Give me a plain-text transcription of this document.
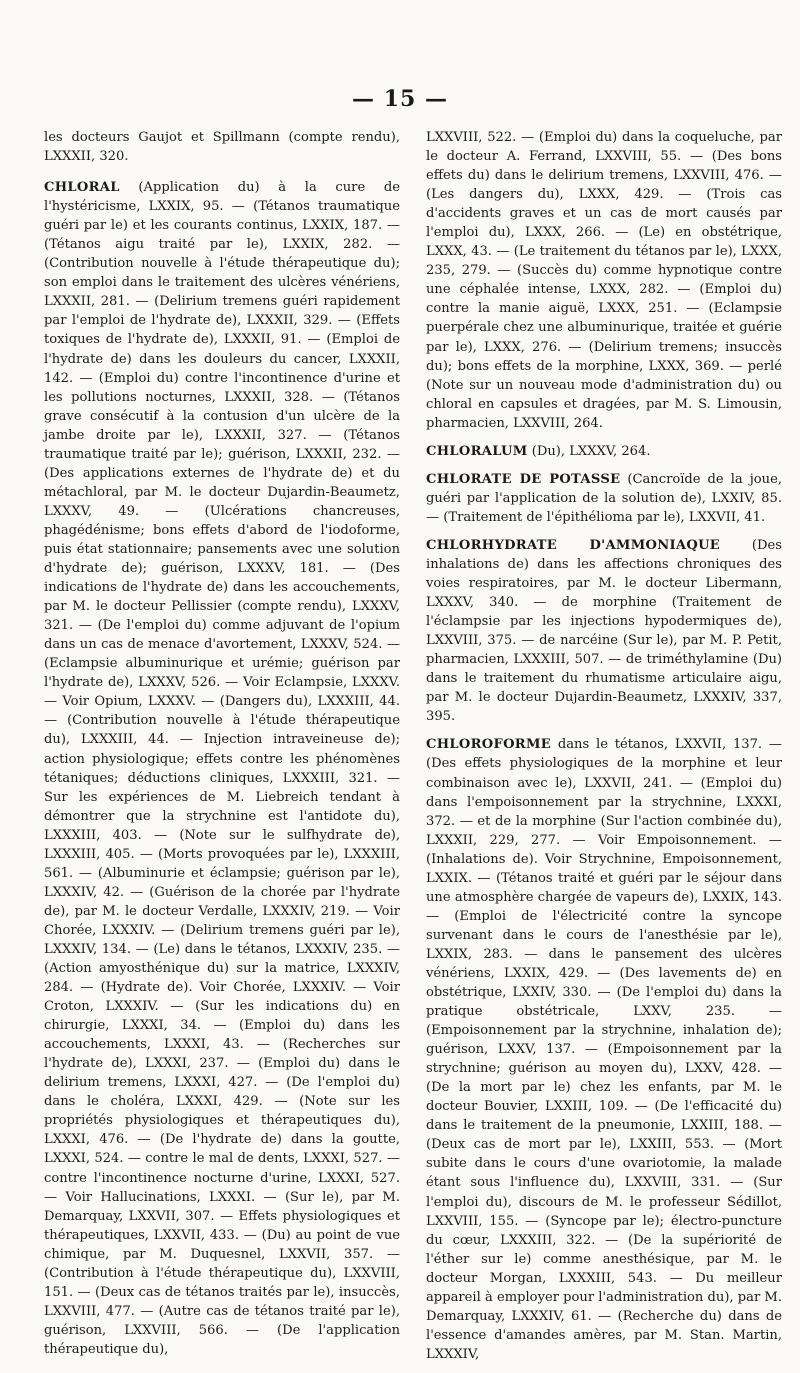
— 15 —

les docteurs Gaujot et Spillmann (compte rendu), LXXXII, 320.

CHLORAL (Application du) à la cure de l'hystéricisme, LXXIX, 95. — (Tétanos traumatique guéri par le) et les courants continus, LXXIX, 187. — (Tétanos aigu traité par le), LXXIX, 282. — (Contribution nouvelle à l'étude thérapeutique du); son emploi dans le traitement des ulcères vénériens, LXXXII, 281. — (Delirium tremens guéri rapidement par l'emploi de l'hydrate de), LXXXII, 329. — (Effets toxiques de l'hydrate de), LXXXII, 91. — (Emploi de l'hydrate de) dans les douleurs du cancer, LXXXII, 142. — (Emploi du) contre l'incontinence d'urine et les pollutions nocturnes, LXXXII, 328. — (Tétanos grave consécutif à la contusion d'un ulcère de la jambe droite par le), LXXXII, 327. — (Tétanos traumatique traité par le); guérison, LXXXII, 232. — (Des applications externes de l'hydrate de) et du métachloral, par M. le docteur Dujardin-Beaumetz, LXXXV, 49. — (Ulcérations chancreuses, phagédénisme; bons effets d'abord de l'iodoforme, puis état stationnaire; pansements avec une solution d'hydrate de); guérison, LXXXV, 181. — (Des indications de l'hydrate de) dans les accouchements, par M. le docteur Pellissier (compte rendu), LXXXV, 321. — (De l'emploi du) comme adjuvant de l'opium dans un cas de menace d'avortement, LXXXV, 524. — (Eclampsie albuminurique et urémie; guérison par l'hydrate de), LXXXV, 526. — Voir Eclampsie, LXXXV. — Voir Opium, LXXXV. — (Dangers du), LXXXIII, 44. — (Contribution nouvelle à l'étude thérapeutique du), LXXXIII, 44. — Injection intraveineuse de); action physiologique; effets contre les phénomènes tétaniques; déductions cliniques, LXXXIII, 321. — Sur les expériences de M. Liebreich tendant à démontrer que la strychnine est l'antidote du), LXXXIII, 403. — (Note sur le sulfhydrate de), LXXXIII, 405. — (Morts provoquées par le), LXXXIII, 561. — (Albuminurie et éclampsie; guérison par le), LXXXIV, 42. — (Guérison de la chorée par l'hydrate de), par M. le docteur Verdalle, LXXXIV, 219. — Voir Chorée, LXXXIV. — (Delirium tremens guéri par le), LXXXIV, 134. — (Le) dans le tétanos, LXXXIV, 235. — (Action amyosthénique du) sur la matrice, LXXXIV, 284. — (Hydrate de). Voir Chorée, LXXXIV. — Voir Croton, LXXXIV. — (Sur les indications du) en chirurgie, LXXXI, 34. — (Emploi du) dans les accouchements, LXXXI, 43. — (Recherches sur l'hydrate de), LXXXI, 237. — (Emploi du) dans le delirium tremens, LXXXI, 427. — (De l'emploi du) dans le choléra, LXXXI, 429. — (Note sur les propriétés physiologiques et thérapeutiques du), LXXXI, 476. — (De l'hydrate de) dans la goutte, LXXXI, 524. — contre le mal de dents, LXXXI, 527. — contre l'incontinence nocturne d'urine, LXXXI, 527. — Voir Hallucinations, LXXXI. — (Sur le), par M. Demarquay, LXXVII, 307. — Effets physiologiques et thérapeutiques, LXXVII, 433. — (Du) au point de vue chimique, par M. Duquesnel, LXXVII, 357. — (Contribution à l'étude thérapeutique du), LXXVIII, 151. — (Deux cas de tétanos traités par le), insuccès, LXXVIII, 477. — (Autre cas de tétanos traité par le), guérison, LXXVIII, 566. — (De l'application thérapeutique du),

LXXVIII, 522. — (Emploi du) dans la coqueluche, par le docteur A. Ferrand, LXXVIII, 55. — (Des bons effets du) dans le delirium tremens, LXXVIII, 476. — (Les dangers du), LXXX, 429. — (Trois cas d'accidents graves et un cas de mort causés par l'emploi du), LXXX, 266. — (Le) en obstétrique, LXXX, 43. — (Le traitement du tétanos par le), LXXX, 235, 279. — (Succès du) comme hypnotique contre une céphalée intense, LXXX, 282. — (Emploi du) contre la manie aiguë, LXXX, 251. — (Eclampsie puerpérale chez une albuminurique, traitée et guérie par le), LXXX, 276. — (Delirium tremens; insuccès du); bons effets de la morphine, LXXX, 369. — perlé (Note sur un nouveau mode d'administration du) ou chloral en capsules et dragées, par M. S. Limousin, pharmacien, LXXVIII, 264.

CHLORALUM (Du), LXXXV, 264.

CHLORATE DE POTASSE (Cancroïde de la joue, guéri par l'application de la solution de), LXXIV, 85. — (Traitement de l'épithélioma par le), LXXVII, 41.

CHLORHYDRATE D'AMMONIAQUE (Des inhalations de) dans les affections chroniques des voies respiratoires, par M. le docteur Libermann, LXXXV, 340. — de morphine (Traitement de l'éclampsie par les injections hypodermiques de), LXXVIII, 375. — de narcéine (Sur le), par M. P. Petit, pharmacien, LXXXIII, 507. — de triméthylamine (Du) dans le traitement du rhumatisme articulaire aigu, par M. le docteur Dujardin-Beaumetz, LXXXIV, 337, 395.

CHLOROFORME dans le tétanos, LXXVII, 137. — (Des effets physiologiques de la morphine et leur combinaison avec le), LXXVII, 241. — (Emploi du) dans l'empoisonnement par la strychnine, LXXXI, 372. — et de la morphine (Sur l'action combinée du), LXXXII, 229, 277. — Voir Empoisonnement. — (Inhalations de). Voir Strychnine, Empoisonnement, LXXIX. — (Tétanos traité et guéri par le séjour dans une atmosphère chargée de vapeurs de), LXXIX, 143. — (Emploi de l'électricité contre la syncope survenant dans le cours de l'anesthésie par le), LXXIX, 283. — dans le pansement des ulcères vénériens, LXXIX, 429. — (Des lavements de) en obstétrique, LXXIV, 330. — (De l'emploi du) dans la pratique obstétricale, LXXV, 235. — (Empoisonnement par la strychnine, inhalation de); guérison, LXXV, 137. — (Empoisonnement par la strychnine; guérison au moyen du), LXXV, 428. — (De la mort par le) chez les enfants, par M. le docteur Bouvier, LXXIII, 109. — (De l'efficacité du) dans le traitement de la pneumonie, LXXIII, 188. — (Deux cas de mort par le), LXXIII, 553. — (Mort subite dans le cours d'une ovariotomie, la malade étant sous l'influence du), LXXVIII, 331. — (Sur l'emploi du), discours de M. le professeur Sédillot, LXXVIII, 155. — (Syncope par le); électro-puncture du cœur, LXXXIII, 322. — (De la supériorité de l'éther sur le) comme anesthésique, par M. le docteur Morgan, LXXXIII, 543. — Du meilleur appareil à employer pour l'administration du), par M. Demarquay, LXXXIV, 61. — (Recherche du) dans de l'essence d'amandes amères, par M. Stan. Martin, LXXXIV,
